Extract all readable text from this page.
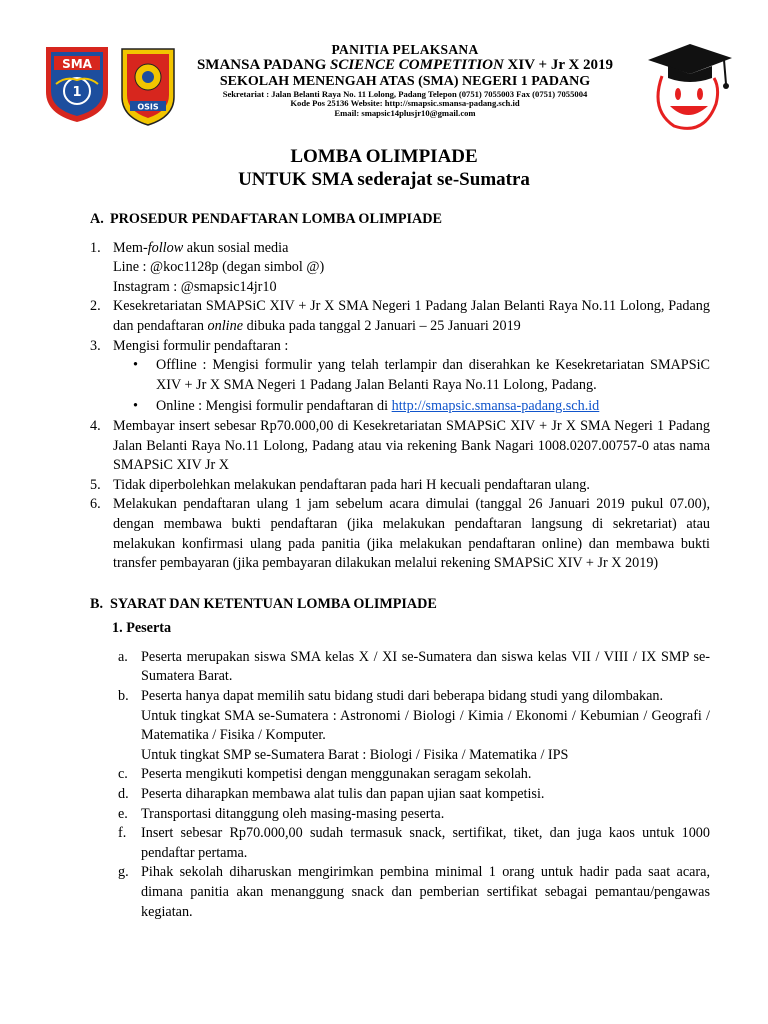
SMA
1
OSIS
PANITIA PELAKSANA
SMANSA PADANG SCIENCE COMPETITION XIV + Jr X 2019
SEKOLAH MENENGAH ATAS (SMA) NEGERI 1 PADANG
Sekretariat : Jalan Belanti Raya No. 11 Lolong, Padang Telepon (0751) 7055003 Fax (0751) 7055004
Kode Pos 25136 Website: http://smapsic.smansa-padang.sch.id
Email: smapsic14plusjr10@gmail.com
LOMBA OLIMPIADE
UNTUK SMA sederajat se-Sumatra
A. PROSEDUR PENDAFTARAN LOMBA OLIMPIADE
1. Mem-follow akun sosial media
Line : @koc1128p (degan simbol @)
Instagram : @smapsic14jr10
2. Kesekretariatan SMAPSiC XIV + Jr X SMA Negeri 1 Padang Jalan Belanti Raya No.11 Lolong, Padang dan pendaftaran online dibuka pada tanggal 2 Januari – 25 Januari 2019
3. Mengisi formulir pendaftaran :
• Offline : Mengisi formulir yang telah terlampir dan diserahkan ke Kesekretariatan SMAPSiC XIV + Jr X SMA Negeri 1 Padang Jalan Belanti Raya No.11 Lolong, Padang.
• Online : Mengisi formulir pendaftaran di http://smapsic.smansa-padang.sch.id
4. Membayar insert sebesar Rp70.000,00 di Kesekretariatan SMAPSiC XIV + Jr X SMA Negeri 1 Padang Jalan Belanti Raya No.11 Lolong, Padang atau via rekening Bank Nagari 1008.0207.00757-0 atas nama SMAPSiC XIV Jr X
5. Tidak diperbolehkan melakukan pendaftaran pada hari H kecuali pendaftaran ulang.
6. Melakukan pendaftaran ulang 1 jam sebelum acara dimulai (tanggal 26 Januari 2019 pukul 07.00), dengan membawa bukti pendaftaran (jika melakukan pendaftaran langsung di sekretariat) atau melakukan konfirmasi ulang pada panitia (jika melakukan pendaftaran online) dan membawa bukti transfer pembayaran (jika pembayaran dilakukan melalui rekening SMAPSiC XIV + Jr X 2019)
B. SYARAT DAN KETENTUAN LOMBA OLIMPIADE
1. Peserta
a. Peserta merupakan siswa SMA kelas X / XI se-Sumatera dan siswa kelas VII / VIII / IX SMP se-Sumatera Barat.
b. Peserta hanya dapat memilih satu bidang studi dari beberapa bidang studi yang dilombakan.
Untuk tingkat SMA se-Sumatera : Astronomi / Biologi / Kimia / Ekonomi / Kebumian / Geografi / Matematika / Fisika / Komputer.
Untuk tingkat SMP se-Sumatera Barat : Biologi / Fisika / Matematika / IPS
c. Peserta mengikuti kompetisi dengan menggunakan seragam sekolah.
d. Peserta diharapkan membawa alat tulis dan papan ujian saat kompetisi.
e. Transportasi ditanggung oleh masing-masing peserta.
f. Insert sebesar Rp70.000,00 sudah termasuk snack, sertifikat, tiket, dan juga kaos untuk 1000 pendaftar pertama.
g. Pihak sekolah diharuskan mengirimkan pembina minimal 1 orang untuk hadir pada saat acara, dimana panitia akan menanggung snack dan pemberian sertifikat sebagai pemantau/pengawas kegiatan.
